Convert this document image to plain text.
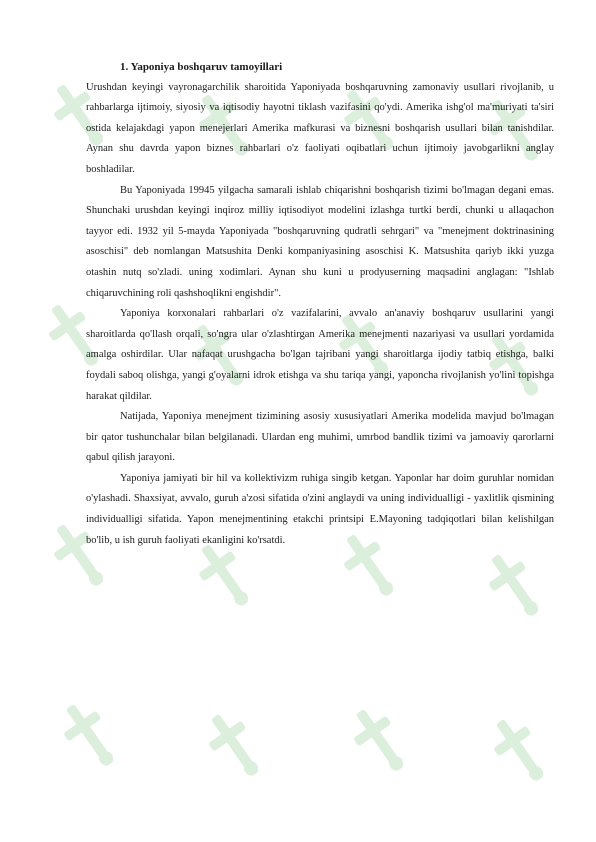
1. Yaponiya boshqaruv tamoyillari

Urushdan keyingi vayronagarchilik sharoitida Yaponiyada boshqaruvning zamonaviy usullari rivojlanib, u rahbarlarga ijtimoiy, siyosiy va iqtisodiy hayotni tiklash vazifasini qo'ydi. Amerika ishg'ol ma'muriyati ta'siri ostida kelajakdagi yapon menejerlari Amerika mafkurasi va biznesni boshqarish usullari bilan tanishdilar. Aynan shu davrda yapon biznes rahbarlari o'z faoliyati oqibatlari uchun ijtimoiy javobgarlikni anglay boshladilar.

Bu Yaponiyada 19945 yilgacha samarali ishlab chiqarishni boshqarish tizimi bo'lmagan degani emas. Shunchaki urushdan keyingi inqiroz milliy iqtisodiyot modelini izlashga turtki berdi, chunki u allaqachon tayyor edi. 1932 yil 5-mayda Yaponiyada "boshqaruvning qudratli sehrgari" va "menejment doktrinasining asoschisi" deb nomlangan Matsushita Denki kompaniyasining asoschisi K. Matsushita qariyb ikki yuzga otashin nutq so'zladi. uning xodimlari. Aynan shu kuni u prodyuserning maqsadini anglagan: "Ishlab chiqaruvchining roli qashshoqlikni engishdir".

Yaponiya korxonalari rahbarlari o'z vazifalarini, avvalo an'anaviy boshqaruv usullarini yangi sharoitlarda qo'llash orqali, so'ngra ular o'zlashtirgan Amerika menejmenti nazariyasi va usullari yordamida amalga oshirdilar. Ular nafaqat urushgacha bo'lgan tajribani yangi sharoitlarga ijodiy tatbiq etishga, balki foydali saboq olishga, yangi g'oyalarni idrok etishga va shu tariqa yangi, yaponcha rivojlanish yo'lini topishga harakat qildilar.

Natijada, Yaponiya menejment tizimining asosiy xususiyatlari Amerika modelida mavjud bo'lmagan bir qator tushunchalar bilan belgilanadi. Ulardan eng muhimi, umrbod bandlik tizimi va jamoaviy qarorlarni qabul qilish jarayoni.

Yaponiya jamiyati bir hil va kollektivizm ruhiga singib ketgan. Yaponlar har doim guruhlar nomidan o'ylashadi. Shaxsiyat, avvalo, guruh a'zosi sifatida o'zini anglaydi va uning individualligi - yaxlitlik qismining individualligi sifatida. Yapon menejmentining etakchi printsipi E.Mayoning tadqiqotlari bilan kelishilgan bo'lib, u ish guruh faoliyati ekanligini ko'rsatdi.
